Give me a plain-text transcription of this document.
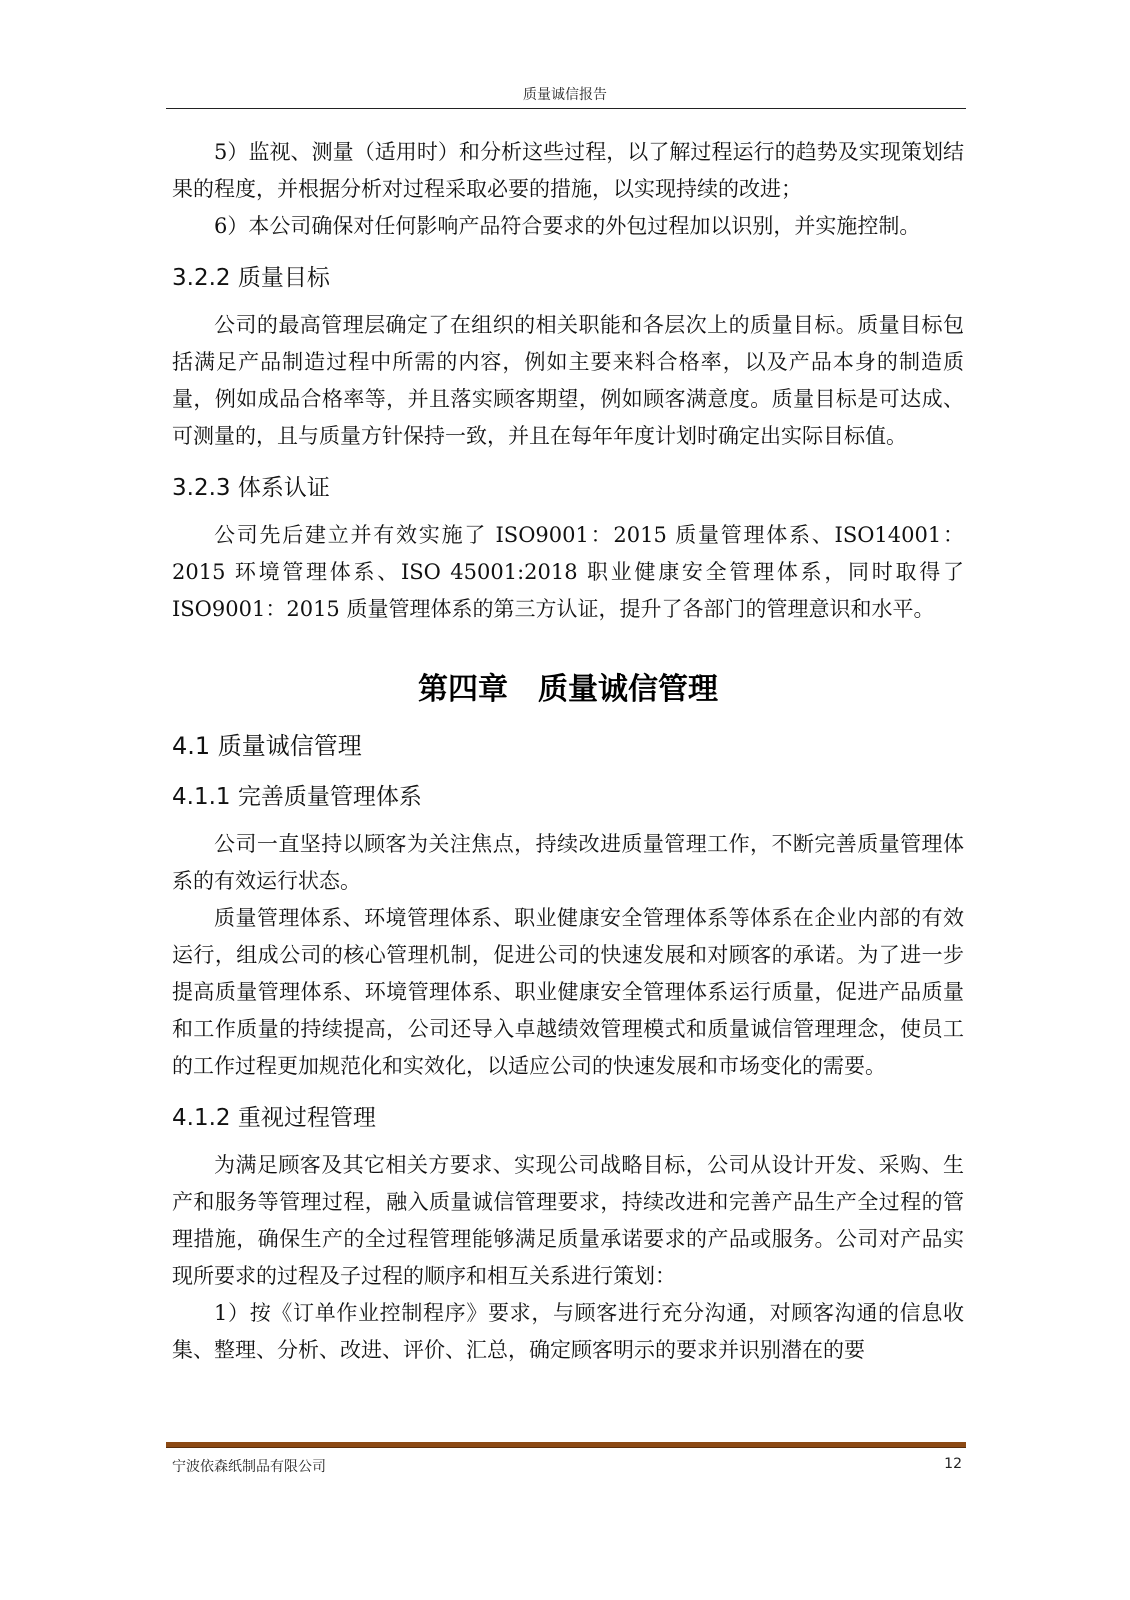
质量诚信报告

5）监视、测量（适用时）和分析这些过程，以了解过程运行的趋势及实现策划结果的程度，并根据分析对过程采取必要的措施，以实现持续的改进；

6）本公司确保对任何影响产品符合要求的外包过程加以识别，并实施控制。

3.2.2 质量目标

公司的最高管理层确定了在组织的相关职能和各层次上的质量目标。质量目标包括满足产品制造过程中所需的内容，例如主要来料合格率，以及产品本身的制造质量，例如成品合格率等，并且落实顾客期望，例如顾客满意度。质量目标是可达成、可测量的，且与质量方针保持一致，并且在每年年度计划时确定出实际目标值。

3.2.3 体系认证

公司先后建立并有效实施了 ISO9001：2015 质量管理体系、ISO14001：2015 环境管理体系、ISO 45001:2018 职业健康安全管理体系，同时取得了 ISO9001：2015 质量管理体系的第三方认证，提升了各部门的管理意识和水平。

第四章　质量诚信管理
4.1 质量诚信管理
4.1.1 完善质量管理体系

公司一直坚持以顾客为关注焦点，持续改进质量管理工作，不断完善质量管理体系的有效运行状态。

质量管理体系、环境管理体系、职业健康安全管理体系等体系在企业内部的有效运行，组成公司的核心管理机制，促进公司的快速发展和对顾客的承诺。为了进一步提高质量管理体系、环境管理体系、职业健康安全管理体系运行质量，促进产品质量和工作质量的持续提高，公司还导入卓越绩效管理模式和质量诚信管理理念，使员工的工作过程更加规范化和实效化，以适应公司的快速发展和市场变化的需要。

4.1.2 重视过程管理

为满足顾客及其它相关方要求、实现公司战略目标，公司从设计开发、采购、生产和服务等管理过程，融入质量诚信管理要求，持续改进和完善产品生产全过程的管理措施，确保生产的全过程管理能够满足质量承诺要求的产品或服务。公司对产品实现所要求的过程及子过程的顺序和相互关系进行策划：

1）按《订单作业控制程序》要求，与顾客进行充分沟通，对顾客沟通的信息收集、整理、分析、改进、评价、汇总，确定顾客明示的要求并识别潜在的要

宁波依森纸制品有限公司	12
